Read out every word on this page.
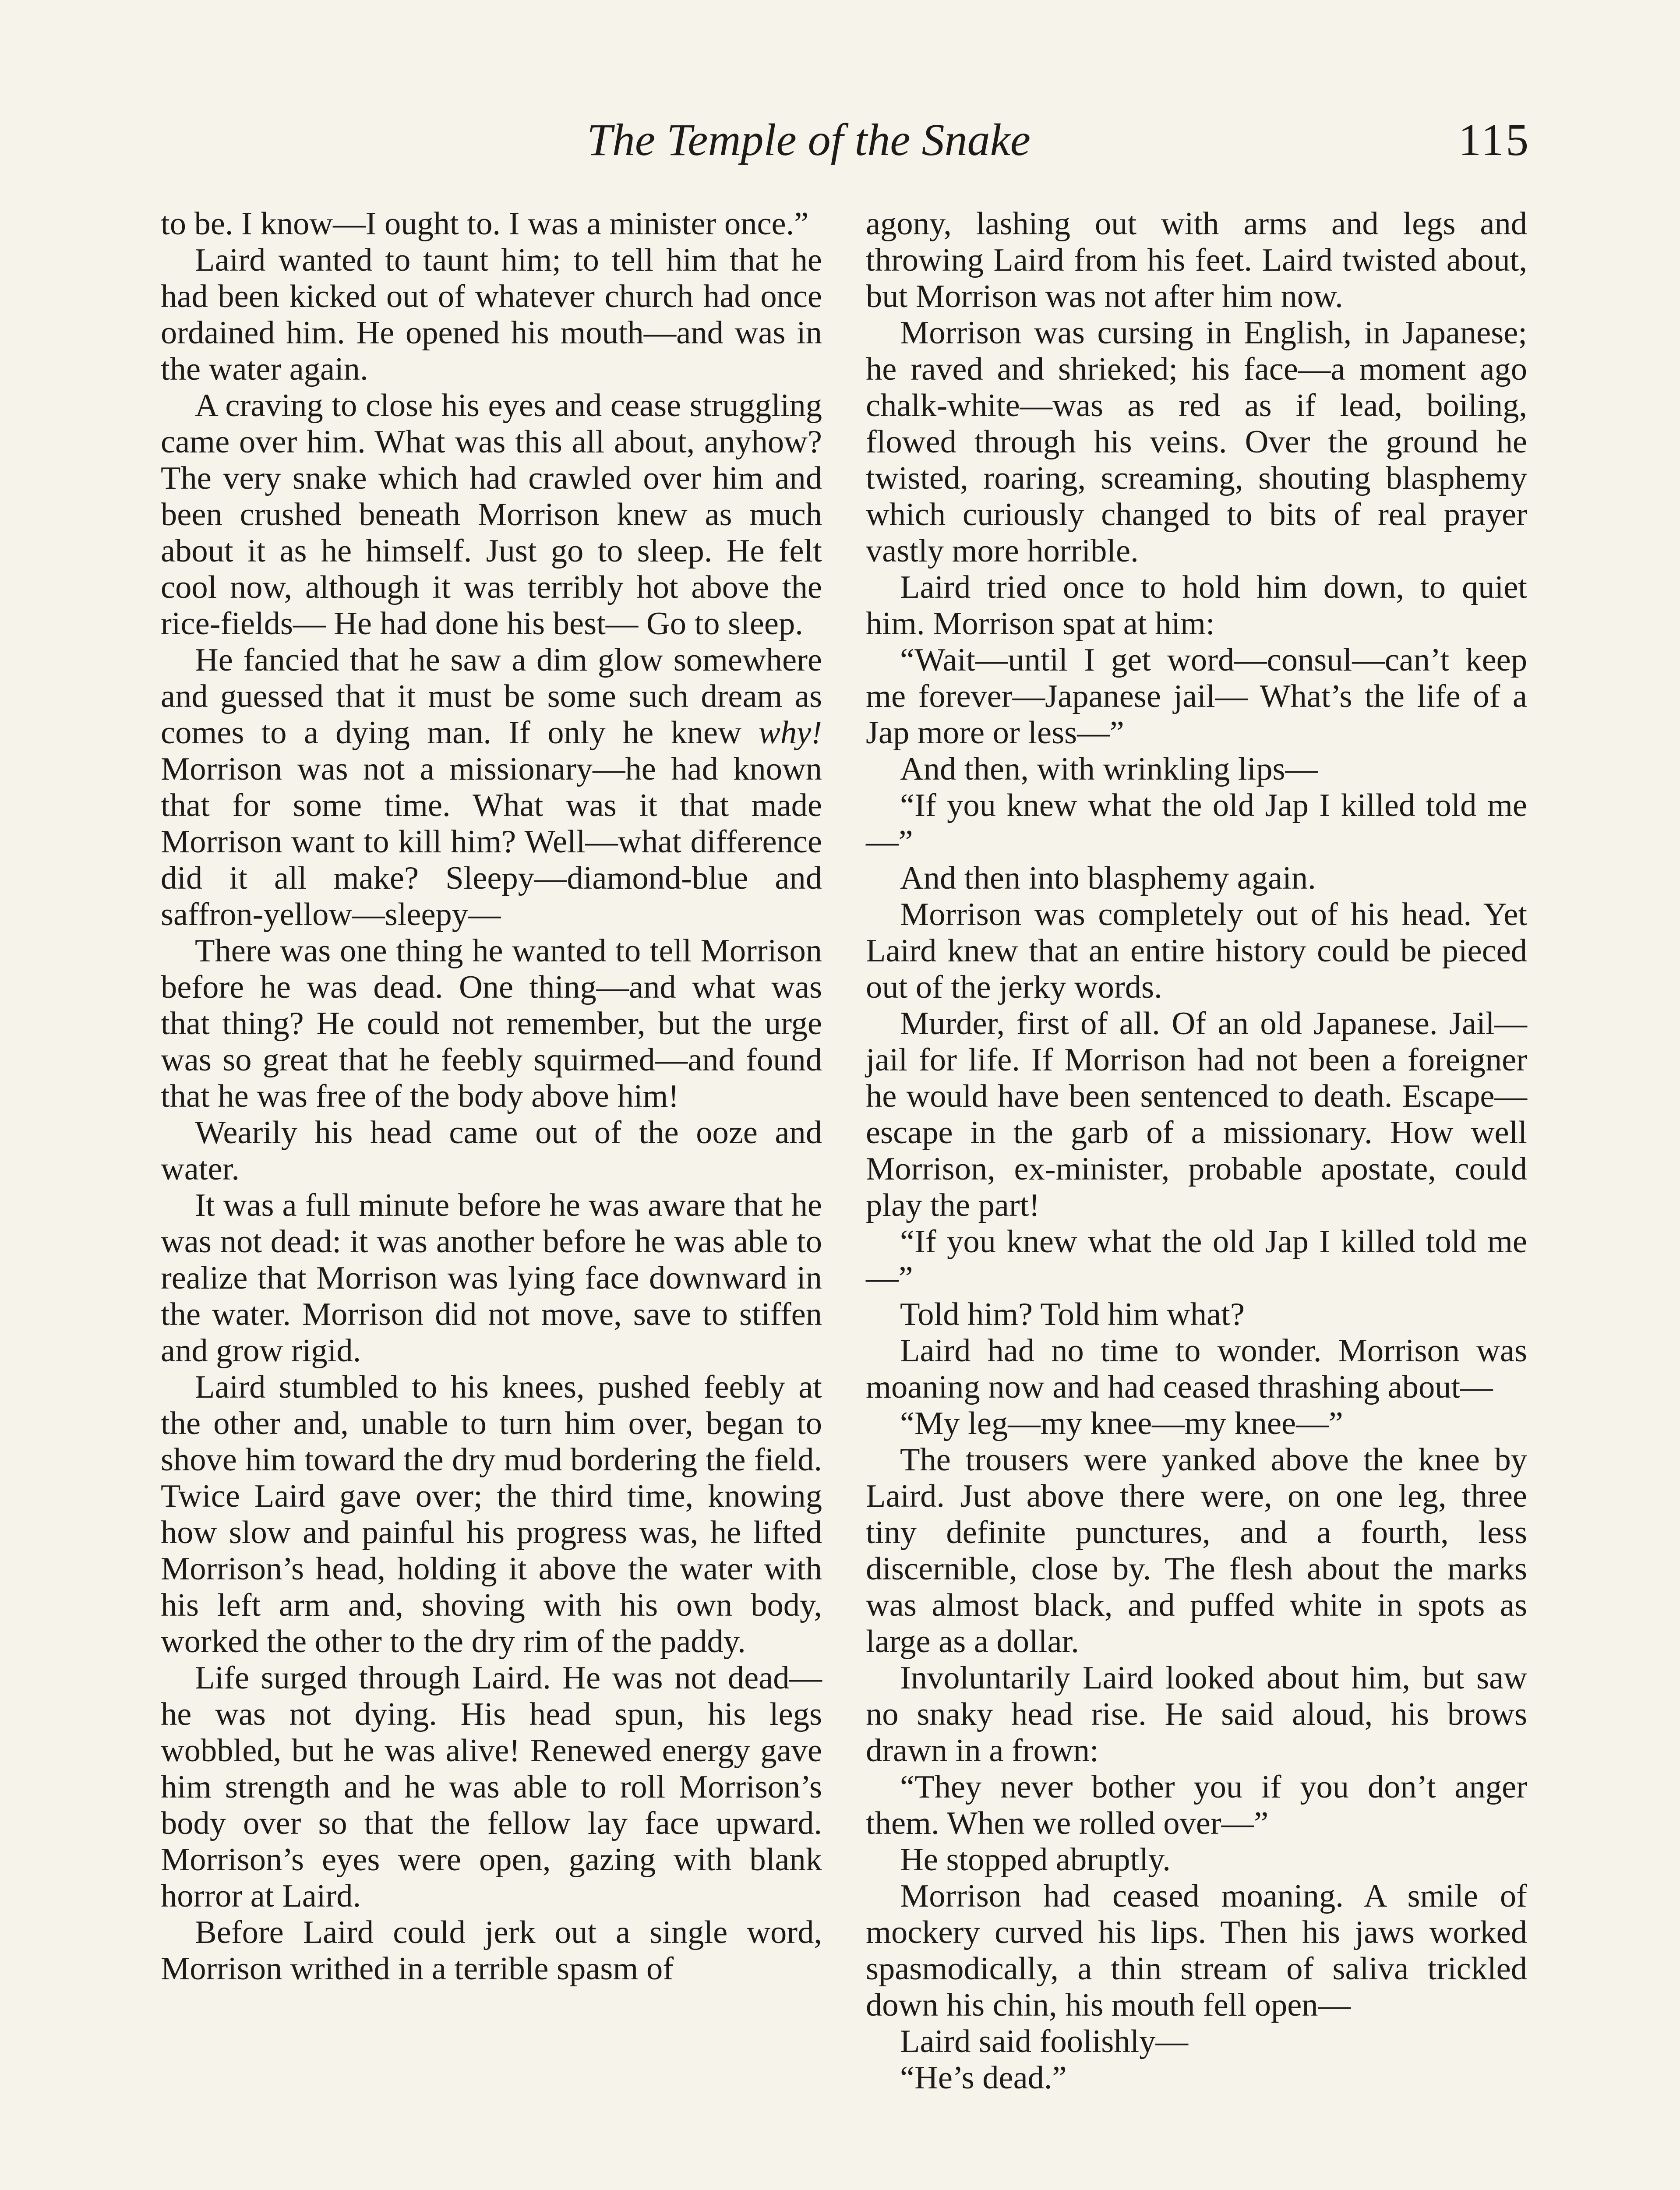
The Temple of the Snake	115

to be. I know—I ought to. I was a minister once.”

Laird wanted to taunt him; to tell him that he had been kicked out of whatever church had once ordained him. He opened his mouth—and was in the water again.

A craving to close his eyes and cease struggling came over him. What was this all about, anyhow? The very snake which had crawled over him and been crushed beneath Morrison knew as much about it as he himself. Just go to sleep. He felt cool now, although it was terribly hot above the rice-fields— He had done his best— Go to sleep.

He fancied that he saw a dim glow somewhere and guessed that it must be some such dream as comes to a dying man. If only he knew why! Morrison was not a missionary—he had known that for some time. What was it that made Morrison want to kill him? Well—what difference did it all make? Sleepy—diamond-blue and saffron-yellow—sleepy—

There was one thing he wanted to tell Morrison before he was dead. One thing—and what was that thing? He could not remember, but the urge was so great that he feebly squirmed—and found that he was free of the body above him!

Wearily his head came out of the ooze and water.

It was a full minute before he was aware that he was not dead: it was another before he was able to realize that Morrison was lying face downward in the water. Morrison did not move, save to stiffen and grow rigid.

Laird stumbled to his knees, pushed feebly at the other and, unable to turn him over, began to shove him toward the dry mud bordering the field. Twice Laird gave over; the third time, knowing how slow and painful his progress was, he lifted Morrison’s head, holding it above the water with his left arm and, shoving with his own body, worked the other to the dry rim of the paddy.

Life surged through Laird. He was not dead—he was not dying. His head spun, his legs wobbled, but he was alive! Renewed energy gave him strength and he was able to roll Morrison’s body over so that the fellow lay face upward. Morrison’s eyes were open, gazing with blank horror at Laird.

Before Laird could jerk out a single word, Morrison writhed in a terrible spasm of

agony, lashing out with arms and legs and throwing Laird from his feet. Laird twisted about, but Morrison was not after him now.

Morrison was cursing in English, in Japanese; he raved and shrieked; his face—a moment ago chalk-white—was as red as if lead, boiling, flowed through his veins. Over the ground he twisted, roaring, screaming, shouting blasphemy which curiously changed to bits of real prayer vastly more horrible.

Laird tried once to hold him down, to quiet him. Morrison spat at him:

“Wait—until I get word—consul—can’t keep me forever—Japanese jail— What’s the life of a Jap more or less—”

And then, with wrinkling lips—

“If you knew what the old Jap I killed told me—”

And then into blasphemy again.

Morrison was completely out of his head. Yet Laird knew that an entire history could be pieced out of the jerky words.

Murder, first of all. Of an old Japanese. Jail—jail for life. If Morrison had not been a foreigner he would have been sentenced to death. Escape—escape in the garb of a missionary. How well Morrison, ex-minister, probable apostate, could play the part!

“If you knew what the old Jap I killed told me—”

Told him? Told him what?

Laird had no time to wonder. Morrison was moaning now and had ceased thrashing about—

“My leg—my knee—my knee—”

The trousers were yanked above the knee by Laird. Just above there were, on one leg, three tiny definite punctures, and a fourth, less discernible, close by. The flesh about the marks was almost black, and puffed white in spots as large as a dollar.

Involuntarily Laird looked about him, but saw no snaky head rise. He said aloud, his brows drawn in a frown:

“They never bother you if you don’t anger them. When we rolled over—”

He stopped abruptly.

Morrison had ceased moaning. A smile of mockery curved his lips. Then his jaws worked spasmodically, a thin stream of saliva trickled down his chin, his mouth fell open—

Laird said foolishly—

“He’s dead.”
